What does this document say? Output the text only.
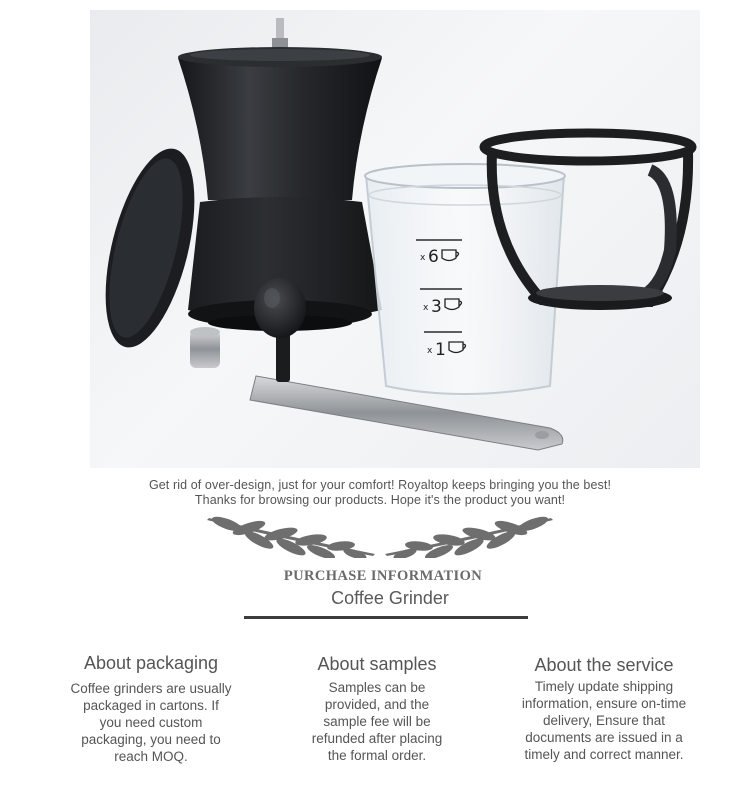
x 6
x 3
x 1
Get rid of over-design, just for your comfort! Royaltop keeps bringing you the best!
Thanks for browsing our products. Hope it's the product you want!
PURCHASE INFORMATION
Coffee Grinder
About packaging

Coffee grinders are usually
packaged in cartons. If
you need custom
packaging, you need to
reach MOQ.

About samples

Samples can be
provided, and the
sample fee will be
refunded after placing
the formal order.

About the service

Timely update shipping
information, ensure on-time
delivery, Ensure that
documents are issued in a
timely and correct manner.
